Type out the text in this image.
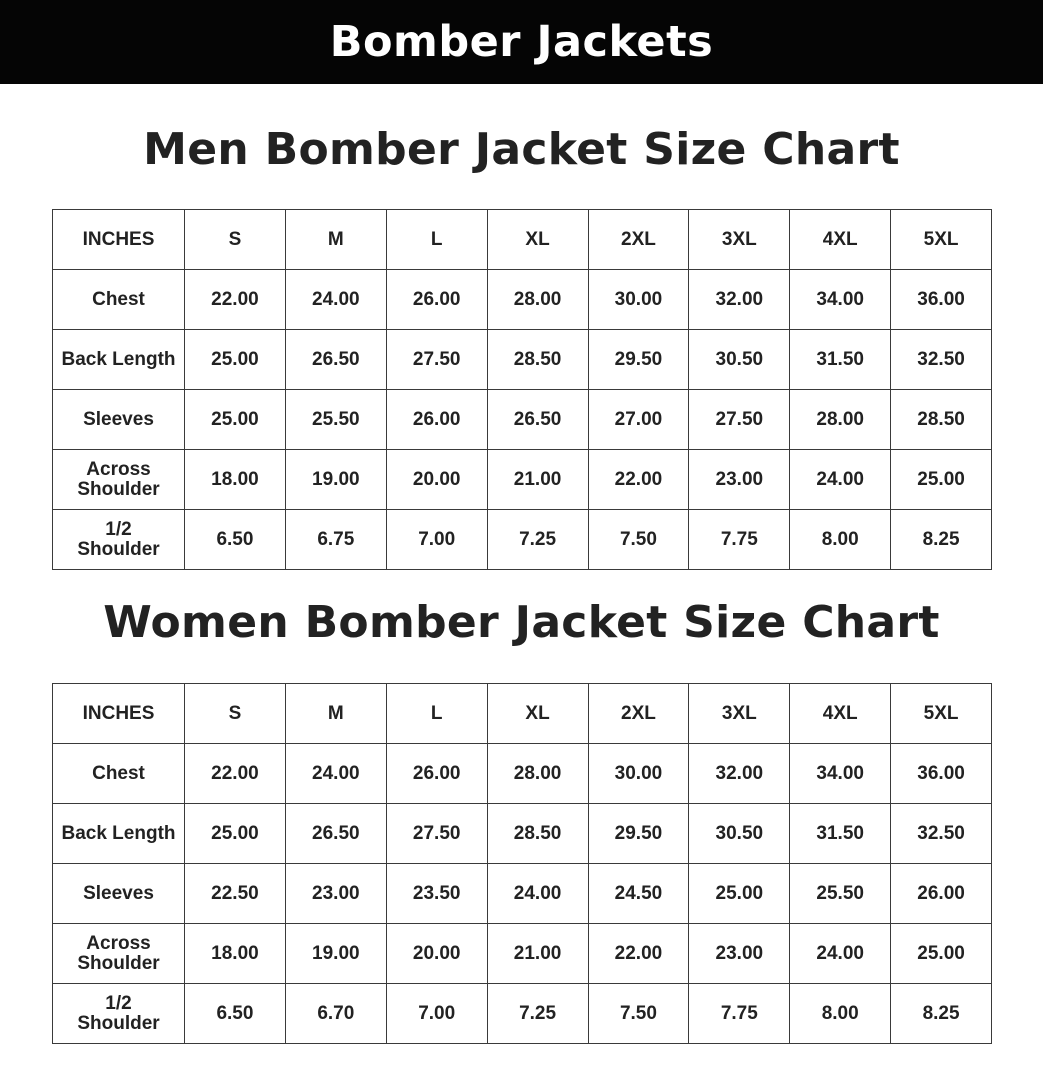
Bomber Jackets
Men Bomber Jacket Size Chart
INCHES	S	M	L	XL	2XL	3XL	4XL	5XL
Chest	22.00	24.00	26.00	28.00	30.00	32.00	34.00	36.00
Back Length	25.00	26.50	27.50	28.50	29.50	30.50	31.50	32.50
Sleeves	25.00	25.50	26.00	26.50	27.00	27.50	28.00	28.50
Across
Shoulder	18.00	19.00	20.00	21.00	22.00	23.00	24.00	25.00
1/2
Shoulder	6.50	6.75	7.00	7.25	7.50	7.75	8.00	8.25
Women Bomber Jacket Size Chart
INCHES	S	M	L	XL	2XL	3XL	4XL	5XL
Chest	22.00	24.00	26.00	28.00	30.00	32.00	34.00	36.00
Back Length	25.00	26.50	27.50	28.50	29.50	30.50	31.50	32.50
Sleeves	22.50	23.00	23.50	24.00	24.50	25.00	25.50	26.00
Across
Shoulder	18.00	19.00	20.00	21.00	22.00	23.00	24.00	25.00
1/2
Shoulder	6.50	6.70	7.00	7.25	7.50	7.75	8.00	8.25
